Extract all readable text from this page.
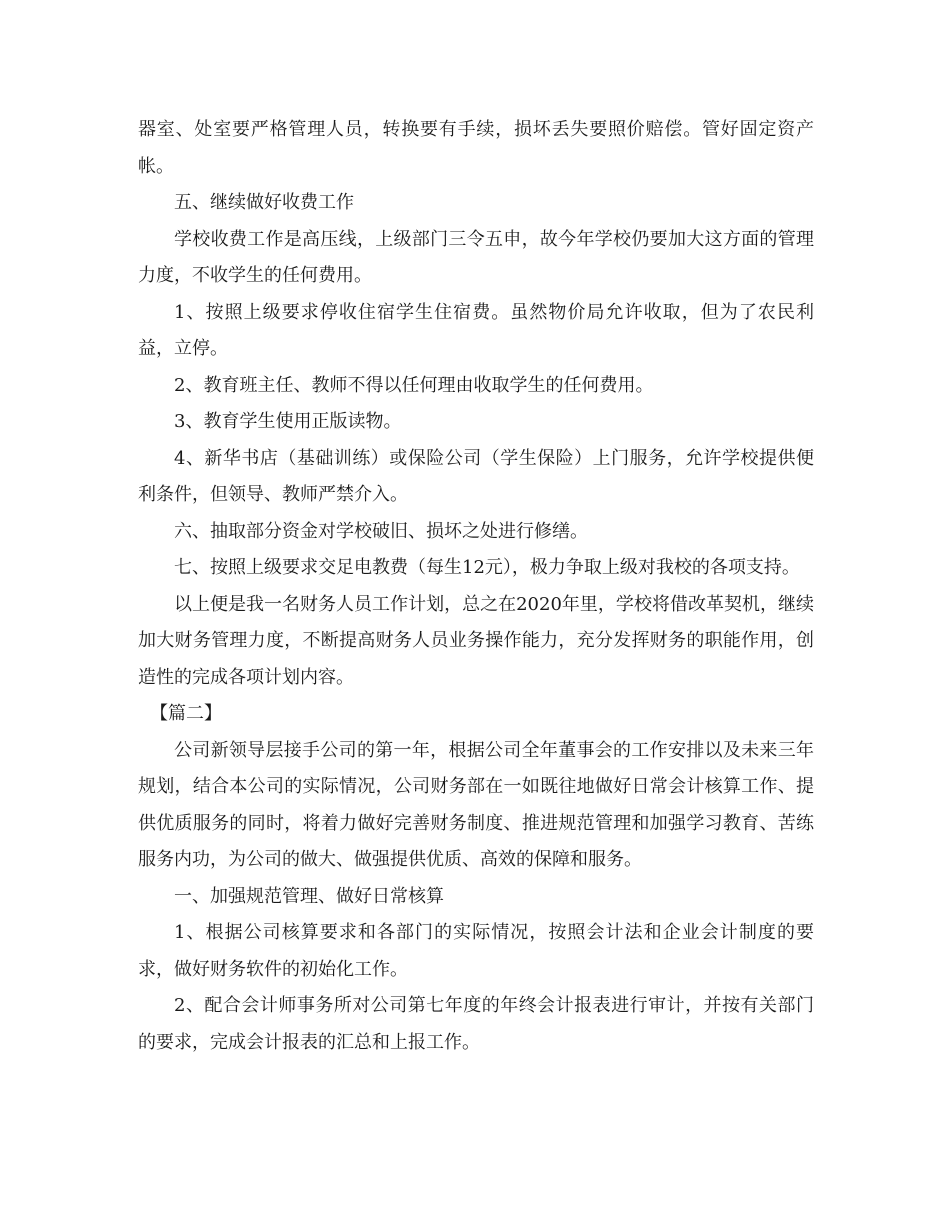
器室、处室要严格管理人员，转换要有手续，损坏丢失要照价赔偿。管好固定资产帐。

五、继续做好收费工作

学校收费工作是高压线，上级部门三令五申，故今年学校仍要加大这方面的管理力度，不收学生的任何费用。

1、按照上级要求停收住宿学生住宿费。虽然物价局允许收取，但为了农民利益，立停。

2、教育班主任、教师不得以任何理由收取学生的任何费用。

3、教育学生使用正版读物。

4、新华书店（基础训练）或保险公司（学生保险）上门服务，允许学校提供便利条件，但领导、教师严禁介入。

六、抽取部分资金对学校破旧、损坏之处进行修缮。

七、按照上级要求交足电教费（每生12元），极力争取上级对我校的各项支持。

以上便是我一名财务人员工作计划，总之在2020年里，学校将借改革契机，继续加大财务管理力度，不断提高财务人员业务操作能力，充分发挥财务的职能作用，创造性的完成各项计划内容。

【篇二】

公司新领导层接手公司的第一年，根据公司全年董事会的工作安排以及未来三年规划，结合本公司的实际情况，公司财务部在一如既往地做好日常会计核算工作、提供优质服务的同时，将着力做好完善财务制度、推进规范管理和加强学习教育、苦练服务内功，为公司的做大、做强提供优质、高效的保障和服务。

一、加强规范管理、做好日常核算

1、根据公司核算要求和各部门的实际情况，按照会计法和企业会计制度的要求，做好财务软件的初始化工作。

2、配合会计师事务所对公司第七年度的年终会计报表进行审计，并按有关部门的要求，完成会计报表的汇总和上报工作。
